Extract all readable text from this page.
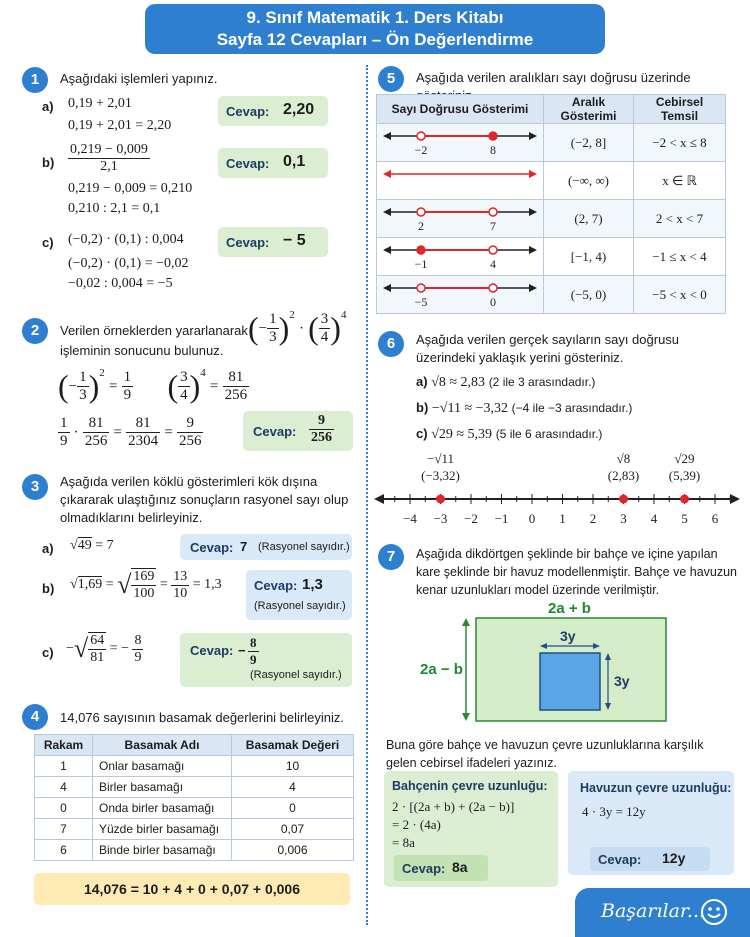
9. Sınıf Matematik 1. Ders Kitabı
Sayfa 12 Cevapları – Ön Değerlendirme
1	Aşağıdaki işlemleri yapınız.
a) 0,19 + 2,01
0,19 + 2,01 = 2,20
Cevap: 2,20
$b) \frac{0,219 - 0,009}{2,1}$
0,219 − 0,009 = 0,210
0,210 : 2,1 = 0,1
Cevap: 0,1
c) (−0,2) · (0,1) : 0,004
(−0,2) · (0,1) = −0,02
−0,02 : 0,004 = −5
Cevap: − 5
2	Verilen örneklerden yararlanarak
işleminin sonucunu bulunuz.
(− $\frac{1}{3} )^2$ · ( $\frac{3}{4} )^4$
(− $\frac{1}{3} )^2 = \frac{1}{9}$ ( $\frac{3}{4} )^4 = \frac{81}{256}$
$\frac{1}{9} \cdot \frac{81}{256} = \frac{81}{2304} = \frac{9}{256}$	Cevap: $\frac{9}{256}$
3	Aşağıda verilen köklü gösterimleri kök dışına çıkararak ulaştığınız sonuçların rasyonel sayı olup olmadıklarını belirleyiniz.
a) √49 = 7	Cevap: 7 (Rasyonel sayıdır.)
b) √1,69 = √ $\frac{169}{100} = \frac{13}{10} = 1,3$ Cevap: 1,3
(Rasyonel sayıdır.)
c) −√ $\frac{64}{81}$ = − $\frac{8}{9}$	Cevap: $\frac{8}{9}$
−
(Rasyonel sayıdır.)
4	14,076 sayısının basamak değerlerini belirleyiniz.
Rakam	Basamak Adı	Basamak Değeri
1	Onlar basamağı	10
4	Birler basamağı	4
0	Onda birler basamağı	0
7	Yüzde birler basamağı	0,07
6	Binde birler basamağı	0,006
14,076 = 10 + 4 + 0 + 0,07 + 0,006
5	Aşağıda verilen aralıkları sayı doğrusu üzerinde
Sayı Doğrusu Gösterimi	Aralık Gösterimi	Cebirsel Temsil

−2 8	(−2, 8]	−2 < x ≤ 8
	(−∞, ∞)	x ∈ ℝ

2 7	(2, 7)	2 < x < 7

−1 4	[−1, 4)	−1 ≤ x < 4

−5 0	(−5, 0)	−5 < x < 0
6	Aşağıda verilen gerçek sayıların sayı doğrusu üzerindeki yaklaşık yerini gösteriniz.
a) √8 ≈ 2,83 (2 ile 3 arasındadır.)
b) −√11 ≈ −3,32 (−4 ile −3 arasındadır.)
c) √29 ≈ 5,39 (5 ile 6 arasındadır.)
−4 −3 −2 −1 0 1 2 3 4 5 6
−√11
(−3,32)
√8
(2,83)
√29
(5,39)
7	Aşağıda dikdörtgen şeklinde bir bahçe ve içine yapılan kare şeklinde bir havuz modellenmiştir. Bahçe ve havuzun kenar uzunlukları model üzerinde verilmiştir.
2a + b
2a − b
3y
3y
Buna göre bahçe ve havuzun çevre uzunluklarına karşılık gelen cebirsel ifadeleri yazınız.
Bahçenin çevre uzunluğu:
2 · [(2a + b) + (2a − b)]
= 2 · (4a)
= 8a
Cevap: 8a
Havuzun çevre uzunluğu:
4 · 3y = 12y
Cevap: 12y
Başarılar...
